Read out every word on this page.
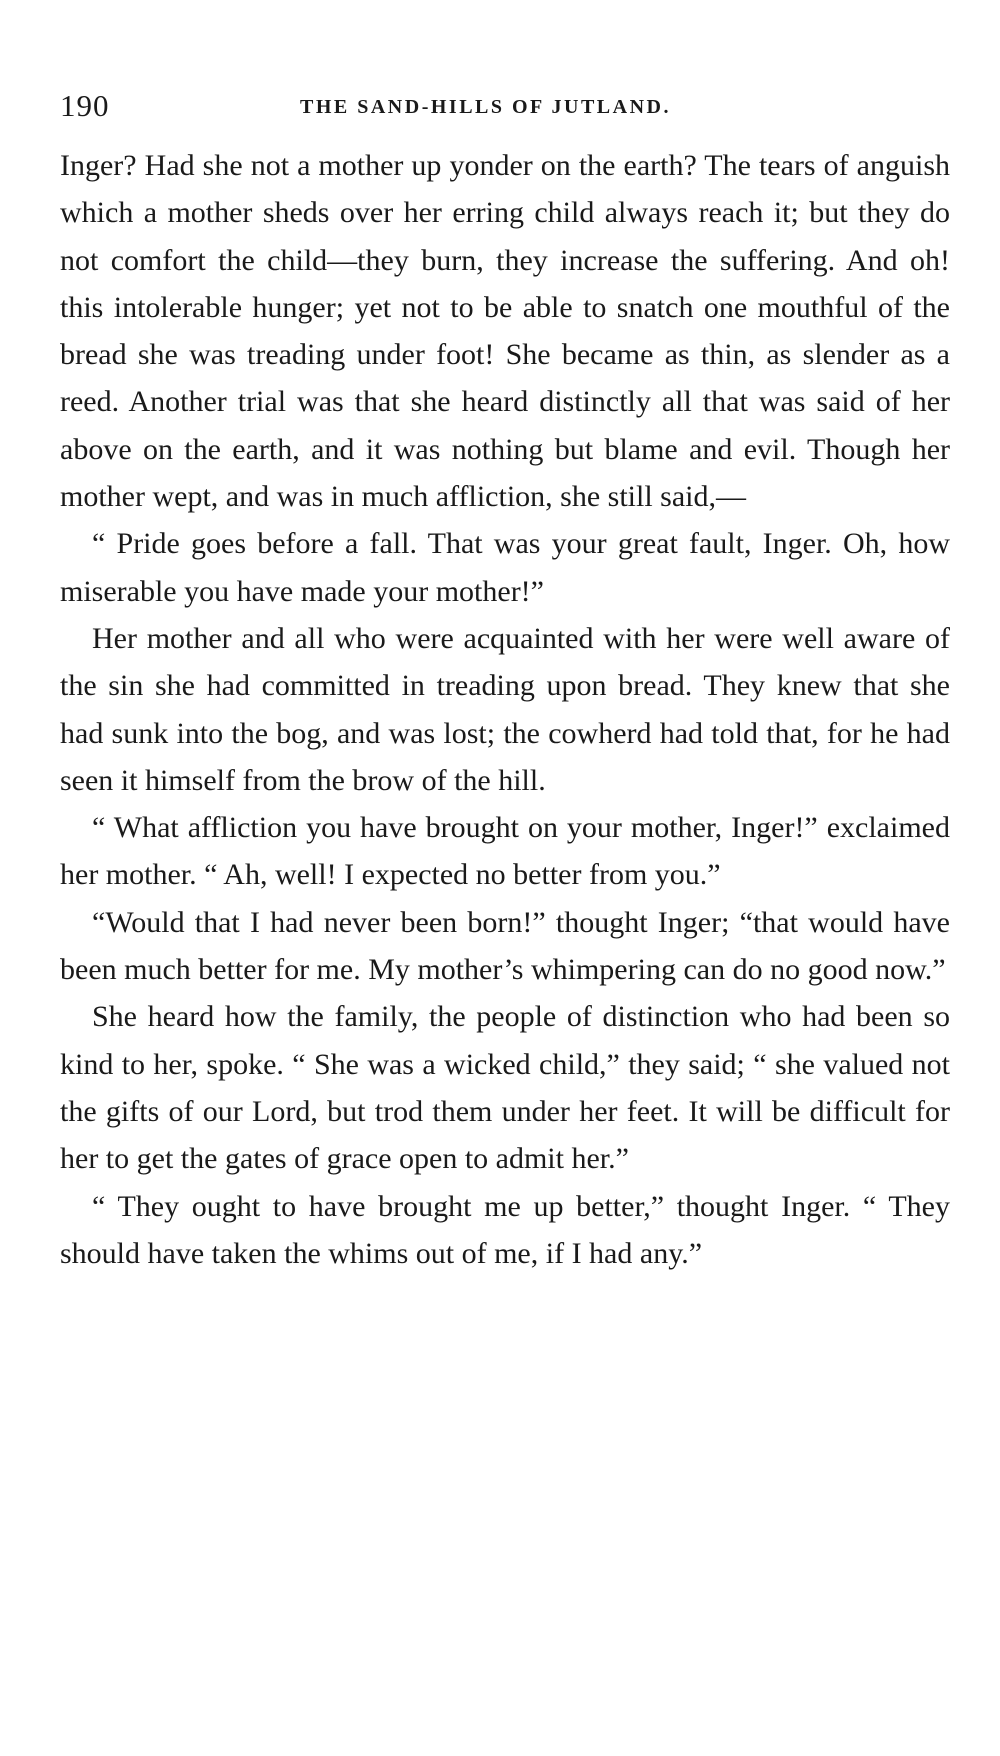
190	THE SAND-HILLS OF JUTLAND.

Inger? Had she not a mother up yonder on the earth? The tears of anguish which a mother sheds over her erring child always reach it; but they do not comfort the child—they burn, they increase the suffering. And oh! this intolerable hunger; yet not to be able to snatch one mouthful of the bread she was treading under foot! She became as thin, as slender as a reed. Another trial was that she heard distinctly all that was said of her above on the earth, and it was nothing but blame and evil. Though her mother wept, and was in much affliction, she still said,—

“ Pride goes before a fall. That was your great fault, Inger. Oh, how miserable you have made your mother!”

Her mother and all who were acquainted with her were well aware of the sin she had committed in treading upon bread. They knew that she had sunk into the bog, and was lost; the cowherd had told that, for he had seen it himself from the brow of the hill.

“ What affliction you have brought on your mother, Inger!” exclaimed her mother. “ Ah, well! I expected no better from you.”

“Would that I had never been born!” thought Inger; “that would have been much better for me. My mother’s whimpering can do no good now.”

She heard how the family, the people of distinction who had been so kind to her, spoke. “ She was a wicked child,” they said; “ she valued not the gifts of our Lord, but trod them under her feet. It will be difficult for her to get the gates of grace open to admit her.”

“ They ought to have brought me up better,” thought Inger. “ They should have taken the whims out of me, if I had any.”
